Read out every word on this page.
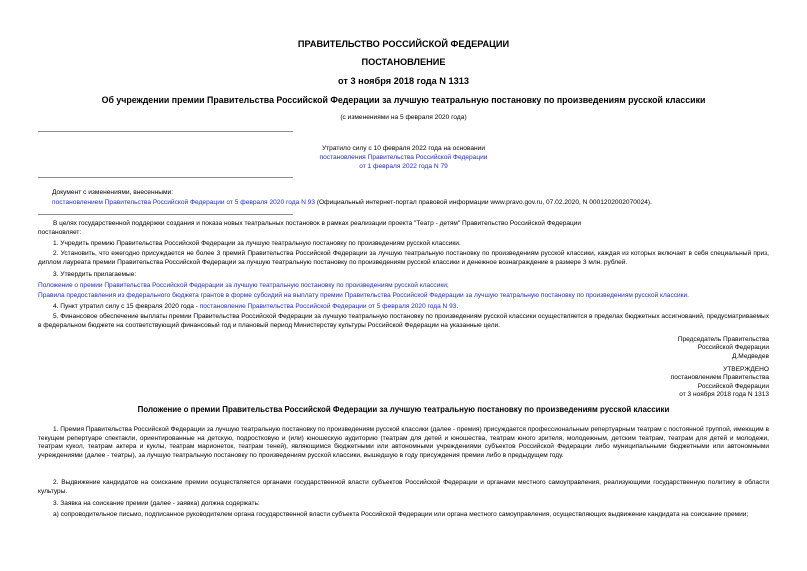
ПРАВИТЕЛЬСТВО РОССИЙСКОЙ ФЕДЕРАЦИИ
ПОСТАНОВЛЕНИЕ
от 3 ноября 2018 года N 1313
Об учреждении премии Правительства Российской Федерации за лучшую театральную постановку по произведениям русской классики
(с изменениями на 5 февраля 2020 года)
Утратило силу с 10 февраля 2022 года на основании
постановления Правительства Российской Федерации
от 1 февраля 2022 года N 79
Документ с изменениями, внесенными:
постановлением Правительства Российской Федерации от 5 февраля 2020 года N 93 (Официальный интернет-портал правовой информации www.pravo.gov.ru, 07.02.2020, N 0001202002070024).
В целях государственной поддержки создания и показа новых театральных постановок в рамках реализации проекта "Театр - детям" Правительство Российской Федерации
постановляет:
1. Учредить премию Правительства Российской Федерации за лучшую театральную постановку по произведениям русской классики.
2. Установить, что ежегодно присуждается не более 3 премий Правительства Российской Федерации за лучшую театральную постановку по произведениям русской классики, каждая из которых включает в себя специальный приз, диплом лауреата премии Правительства Российской Федерации за лучшую театральную постановку по произведениям русской классики и денежное вознаграждение в размере 3 млн. рублей.
3. Утвердить прилагаемые:
Положение о премии Правительства Российской Федерации за лучшую театральную постановку по произведениям русской классики;
Правила предоставления из федерального бюджета грантов в форме субсидий на выплату премии Правительства Российской Федерации за лучшую театральную постановку по произведениям русской классики.
4. Пункт утратил силу с 15 февраля 2020 года - постановление Правительства Российской Федерации от 5 февраля 2020 года N 93.
5. Финансовое обеспечение выплаты премии Правительства Российской Федерации за лучшую театральную постановку по произведениям русской классики осуществляется в пределах бюджетных ассигнований, предусматриваемых в федеральном бюджете на соответствующий финансовый год и плановый период Министерству культуры Российской Федерации на указанные цели.
Председатель Правительства
Российской Федерации
Д.Медведев
УТВЕРЖДЕНО
постановлением Правительства
Российской Федерации
от 3 ноября 2018 года N 1313
Положение о премии Правительства Российской Федерации за лучшую театральную постановку по произведениям русской классики
1. Премия Правительства Российской Федерации за лучшую театральную постановку по произведениям русской классики (далее - премия) присуждается профессиональным репертуарным театрам с постоянной труппой, имеющим в текущем репертуаре спектакли, ориентированные на детскую, подростковую и (или) юношескую аудиторию (театрам для детей и юношества, театрам юного зрителя, молодежным, детским театрам, театрам для детей и молодежи, театрам кукол, театрам актера и куклы, театрам марионеток, театрам теней), являющимся бюджетными или автономными учреждениями субъектов Российской Федерации либо муниципальными бюджетными или автономными учреждениями (далее - театры), за лучшую театральную постановку по произведениям русской классики, вышедшую в году присуждения премии либо в предыдущем году.
2. Выдвижение кандидатов на соискание премии осуществляется органами государственной власти субъектов Российской Федерации и органами местного самоуправления, реализующими государственную политику в области культуры.
3. Заявка на соискание премии (далее - заявка) должна содержать:
а) сопроводительное письмо, подписанное руководителем органа государственной власти субъекта Российской Федерации или органа местного самоуправления, осуществляющих выдвижение кандидата на соискание премии;
